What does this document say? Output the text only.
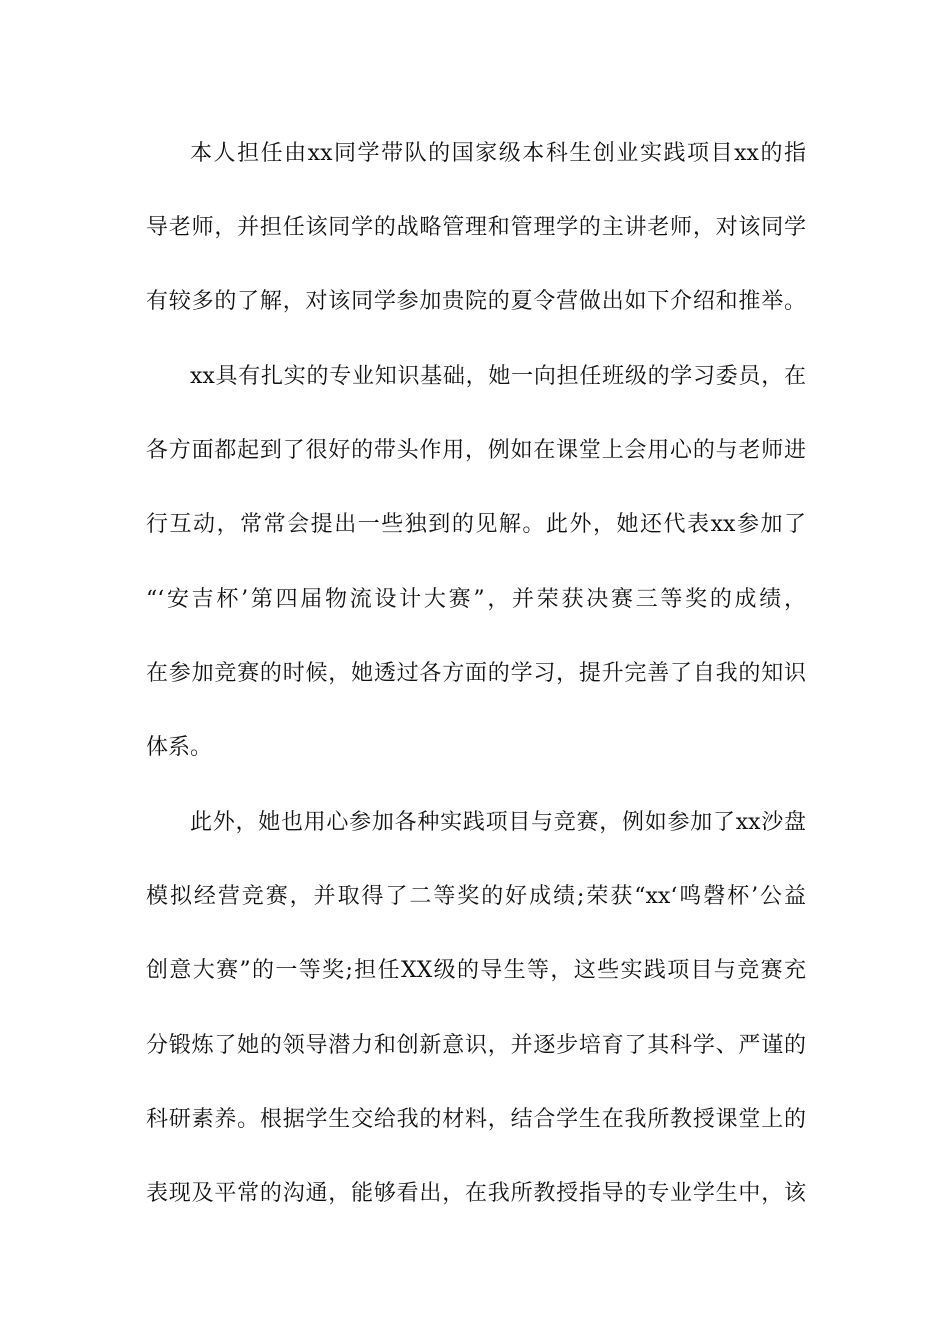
本人担任由xx同学带队的国家级本科生创业实践项目xx的指
导老师，并担任该同学的战略管理和管理学的主讲老师，对该同学
有较多的了解，对该同学参加贵院的夏令营做出如下介绍和推举。
xx具有扎实的专业知识基础，她一向担任班级的学习委员，在
各方面都起到了很好的带头作用，例如在课堂上会用心的与老师进
行互动，常常会提出一些独到的见解。此外，她还代表xx参加了
“‘安吉杯’第四届物流设计大赛”，并荣获决赛三等奖的成绩，
在参加竞赛的时候，她透过各方面的学习，提升完善了自我的知识
体系。
此外，她也用心参加各种实践项目与竞赛，例如参加了xx沙盘
模拟经营竞赛，并取得了二等奖的好成绩;荣获“xx‘鸣磬杯’公益
创意大赛”的一等奖;担任XX级的导生等，这些实践项目与竞赛充
分锻炼了她的领导潜力和创新意识，并逐步培育了其科学、严谨的
科研素养。根据学生交给我的材料，结合学生在我所教授课堂上的
表现及平常的沟通，能够看出，在我所教授指导的专业学生中，该
